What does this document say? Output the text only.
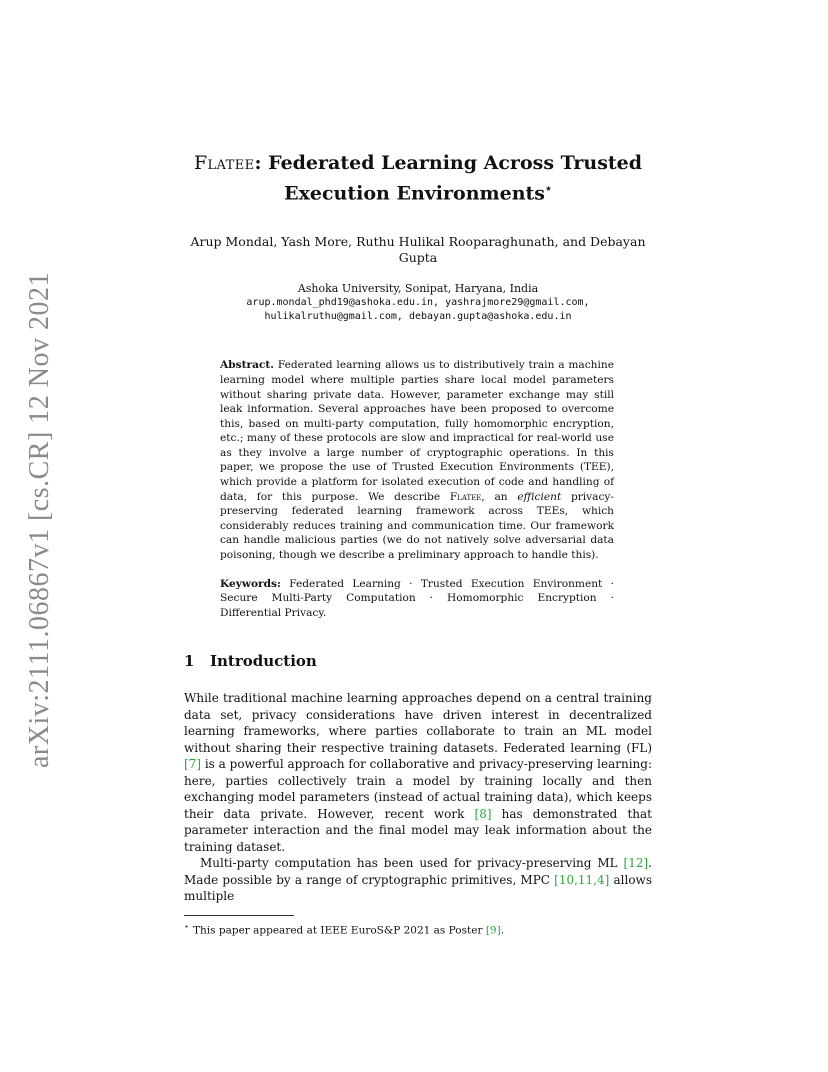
arXiv:2111.06867v1 [cs.CR] 12 Nov 2021
Flatee: Federated Learning Across Trusted
Execution Environments⋆
Arup Mondal, Yash More, Ruthu Hulikal Rooparaghunath, and Debayan Gupta
Ashoka University, Sonipat, Haryana, India
arup.mondal_phd19@ashoka.edu.in, yashrajmore29@gmail.com,
hulikalruthu@gmail.com, debayan.gupta@ashoka.edu.in
Abstract. Federated learning allows us to distributively train a machine learning model where multiple parties share local model parameters without sharing private data. However, parameter exchange may still leak information. Several approaches have been proposed to overcome this, based on multi-party computation, fully homomorphic encryption, etc.; many of these protocols are slow and impractical for real-world use as they involve a large number of cryptographic operations. In this paper, we propose the use of Trusted Execution Environments (TEE), which provide a platform for isolated execution of code and handling of data, for this purpose. We describe Flatee, an efficient privacy-preserving federated learning framework across TEEs, which considerably reduces training and communication time. Our framework can handle malicious parties (we do not natively solve adversarial data poisoning, though we describe a preliminary approach to handle this).
Keywords: Federated Learning · Trusted Execution Environment · Secure Multi-Party Computation · Homomorphic Encryption · Differential Privacy.
1 Introduction

While traditional machine learning approaches depend on a central training data set, privacy considerations have driven interest in decentralized learning frameworks, where parties collaborate to train an ML model without sharing their respective training datasets. Federated learning (FL) [7] is a powerful approach for collaborative and privacy-preserving learning: here, parties collectively train a model by training locally and then exchanging model parameters (instead of actual training data), which keeps their data private. However, recent work [8] has demonstrated that parameter interaction and the final model may leak information about the training dataset.

Multi-party computation has been used for privacy-preserving ML [12]. Made possible by a range of cryptographic primitives, MPC [10,11,4] allows multiple

⋆ This paper appeared at IEEE EuroS&P 2021 as Poster [9].
